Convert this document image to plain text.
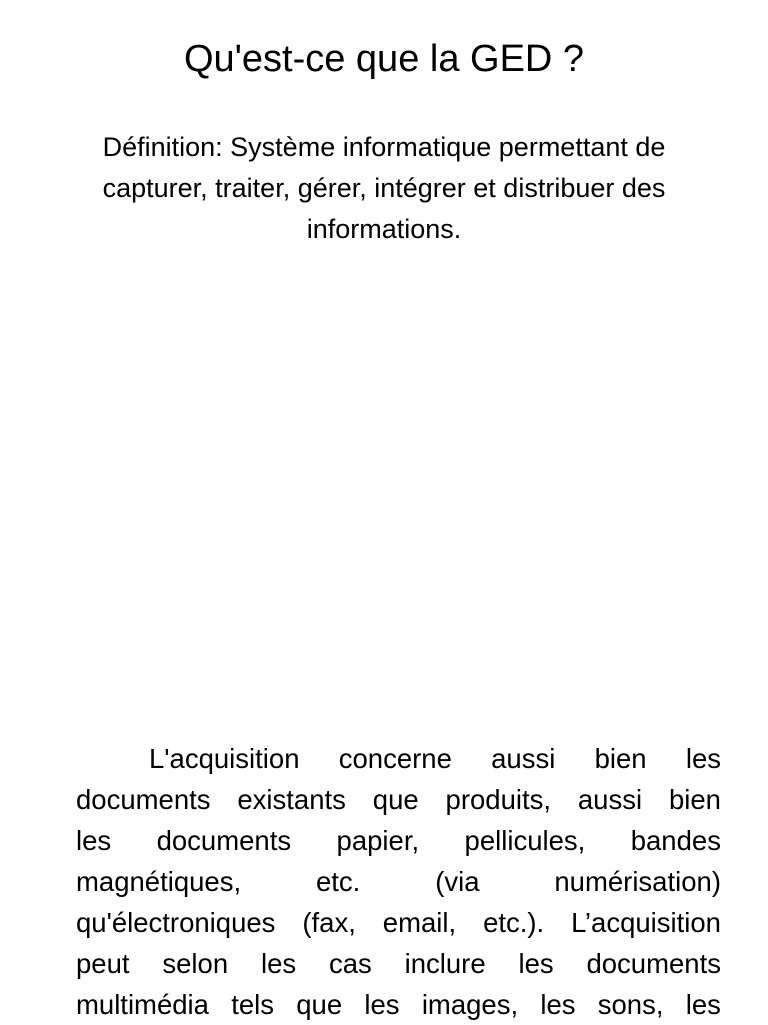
Qu'est-ce que la GED ?
Définition: Système informatique permettant de
capturer, traiter, gérer, intégrer et distribuer des
informations.
L'acquisition concerne aussi bien les
documents existants que produits, aussi bien
les documents papier, pellicules, bandes
magnétiques,	etc.	(via	numérisation)
qu'électroniques (fax, email, etc.). L’acquisition
peut selon les cas inclure les documents
multimédia tels que les images, les sons, les
